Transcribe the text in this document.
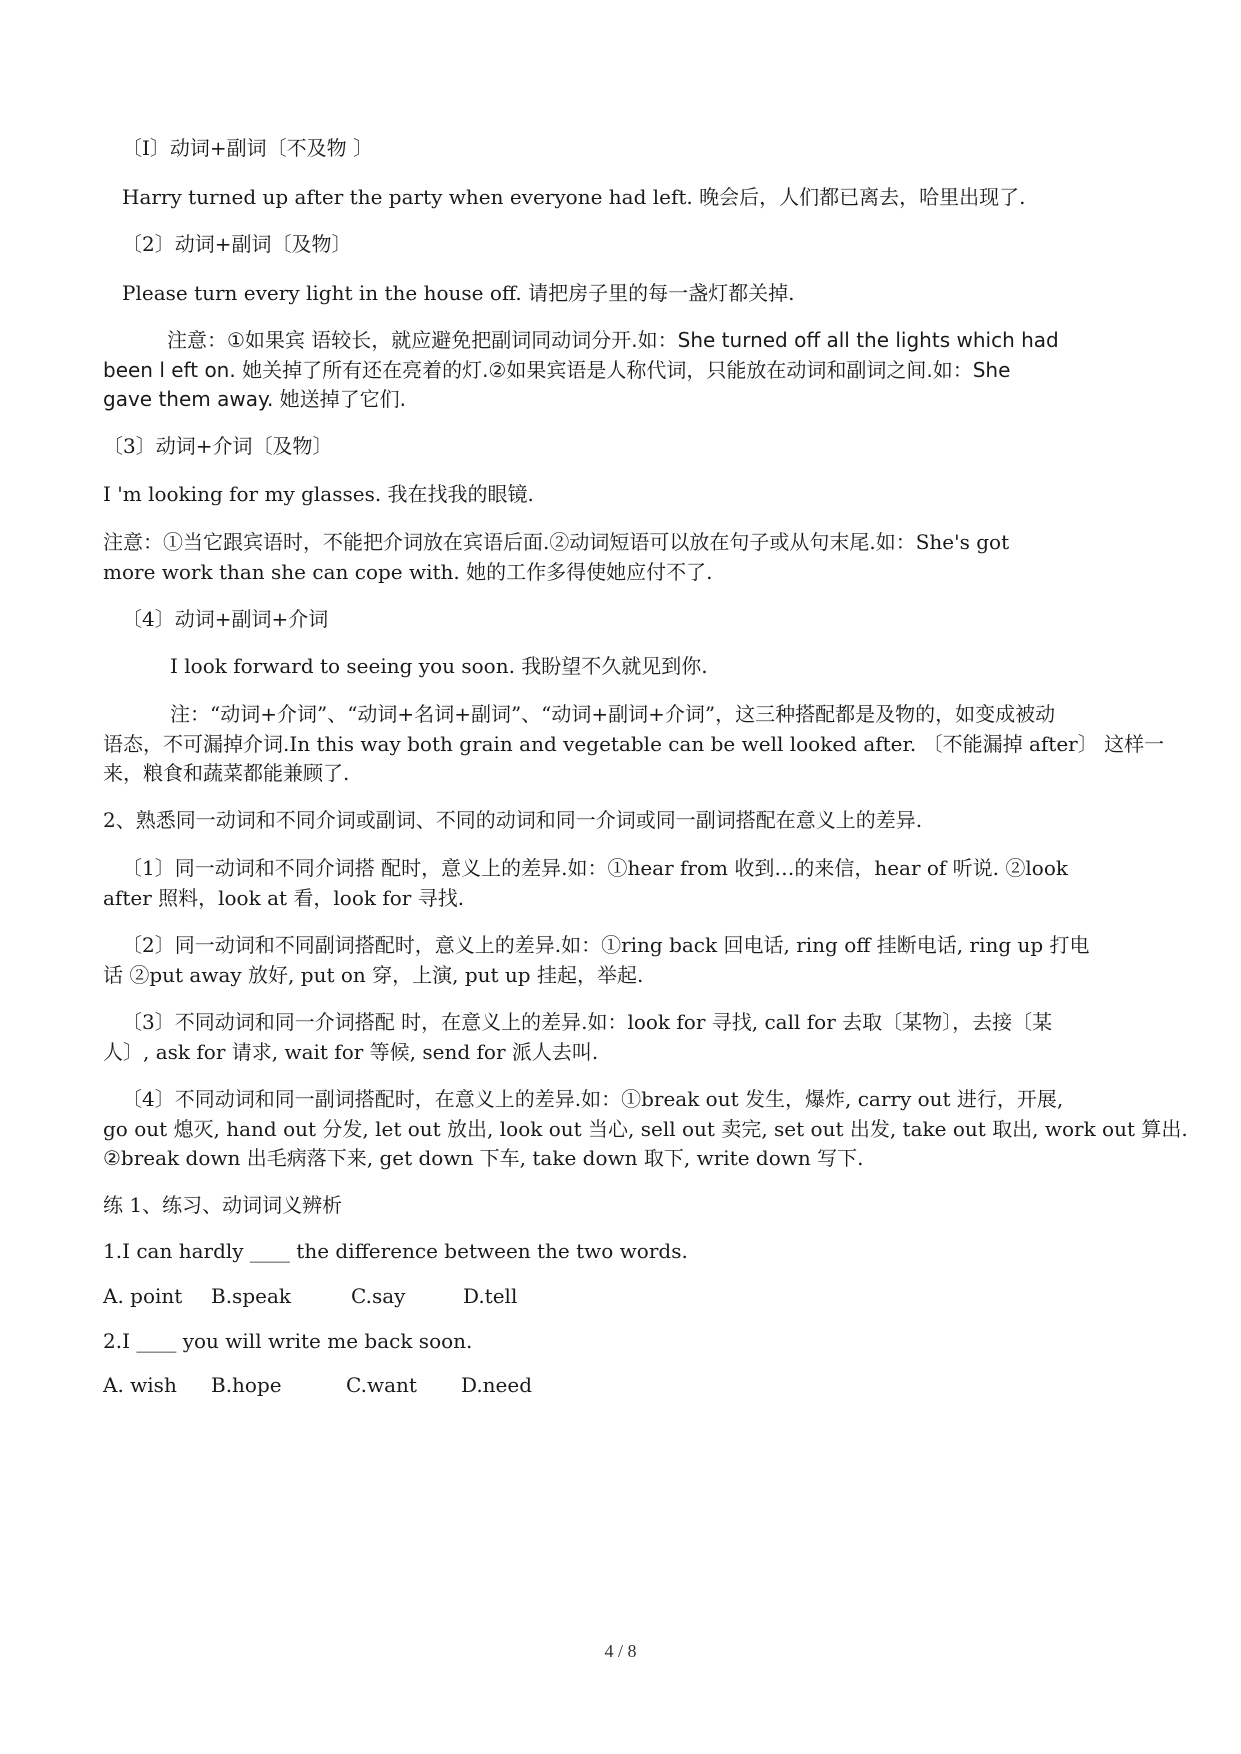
〔I〕动词+副词〔不及物 〕
Harry turned up after the party when everyone had left. 晚会后，人们都已离去，哈里出现了.
〔2〕动词+副词〔及物〕
Please turn every light in the house off. 请把房子里的每一盏灯都关掉.
注意：①如果宾 语较长，就应避免把副词同动词分开.如：She turned off all the lights which had
been l eft on. 她关掉了所有还在亮着的灯.②如果宾语是人称代词，只能放在动词和副词之间.如：She
gave them away. 她送掉了它们.
〔3〕动词+介词〔及物〕
I 'm looking for my glasses. 我在找我的眼镜.
注意：①当它跟宾语时，不能把介词放在宾语后面.②动词短语可以放在句子或从句末尾.如：She's got
more work than she can cope with. 她的工作多得使她应付不了.
〔4〕动词+副词+介词
I look forward to seeing you soon. 我盼望不久就见到你.
注：“动词+介词”、“动词+名词+副词”、“动词+副词+介词”，这三种搭配都是及物的，如变成被动
语态，不可漏掉介词.In this way both grain and vegetable can be well looked after. 〔不能漏掉 after〕 这样一
来，粮食和蔬菜都能兼顾了.
2、熟悉同一动词和不同介词或副词、不同的动词和同一介词或同一副词搭配在意义上的差异.
〔1〕同一动词和不同介词搭 配时，意义上的差异.如：①hear from 收到…的来信，hear of 听说. ②look
after 照料，look at 看，look for 寻找.
〔2〕同一动词和不同副词搭配时，意义上的差异.如：①ring back 回电话, ring off 挂断电话, ring up 打电
话 ②put away 放好, put on 穿，上演, put up 挂起，举起.
〔3〕不同动词和同一介词搭配 时，在意义上的差异.如：look for 寻找, call for 去取〔某物〕，去接〔某
人〕, ask for 请求, wait for 等候, send for 派人去叫.
〔4〕不同动词和同一副词搭配时，在意义上的差异.如：①break out 发生，爆炸, carry out 进行，开展,
go out 熄灭, hand out 分发, let out 放出, look out 当心, sell out 卖完, set out 出发, take out 取出, work out 算出.
②break down 出毛病落下来, get down 下车, take down 取下, write down 写下.
练 1、练习、动词词义辨析
1.I can hardly ____ the difference between the two words.
A. point B.speak	C.say	D.tell
2.I ____ you will write me back soon.
A. wish B.hope	C.want D.need
4 / 8
